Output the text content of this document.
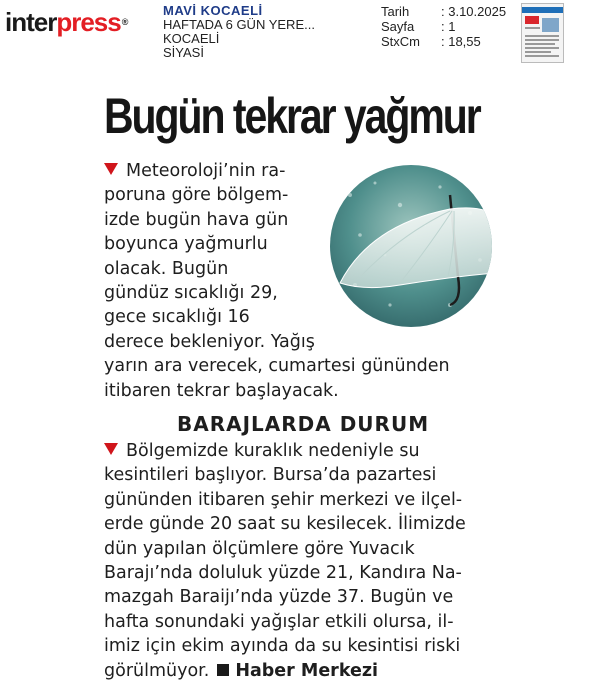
interpress®
MAVİ KOCAELİ
HAFTADA 6 GÜN YERE...
KOCAELİ
SİYASİ
Tarih	: 3.10.2025
Sayfa	: 1
StxCm	: 18,55
Bugün tekrar yağmur
Meteoroloji’nin ra-
poruna göre bölgem-
izde bugün hava gün
boyunca yağmurlu
olacak. Bugün
gündüz sıcaklığı 29,
gece sıcaklığı 16
derece bekleniyor. Yağış
yarın ara verecek, cumartesi gününden
itibaren tekrar başlayacak.
BARAJLARDA DURUM
Bölgemizde kuraklık nedeniyle su
kesintileri başlıyor. Bursa’da pazartesi
gününden itibaren şehir merkezi ve ilçel-
erde günde 20 saat su kesilecek. İlimizde
dün yapılan ölçümlere göre Yuvacık
Barajı’nda doluluk yüzde 21, Kandıra Na-
mazgah Baraijı’nda yüzde 37. Bugün ve
hafta sonundaki yağışlar etkili olursa, il-
imiz için ekim ayında da su kesintisi riski
görülmüyor. Haber Merkezi
